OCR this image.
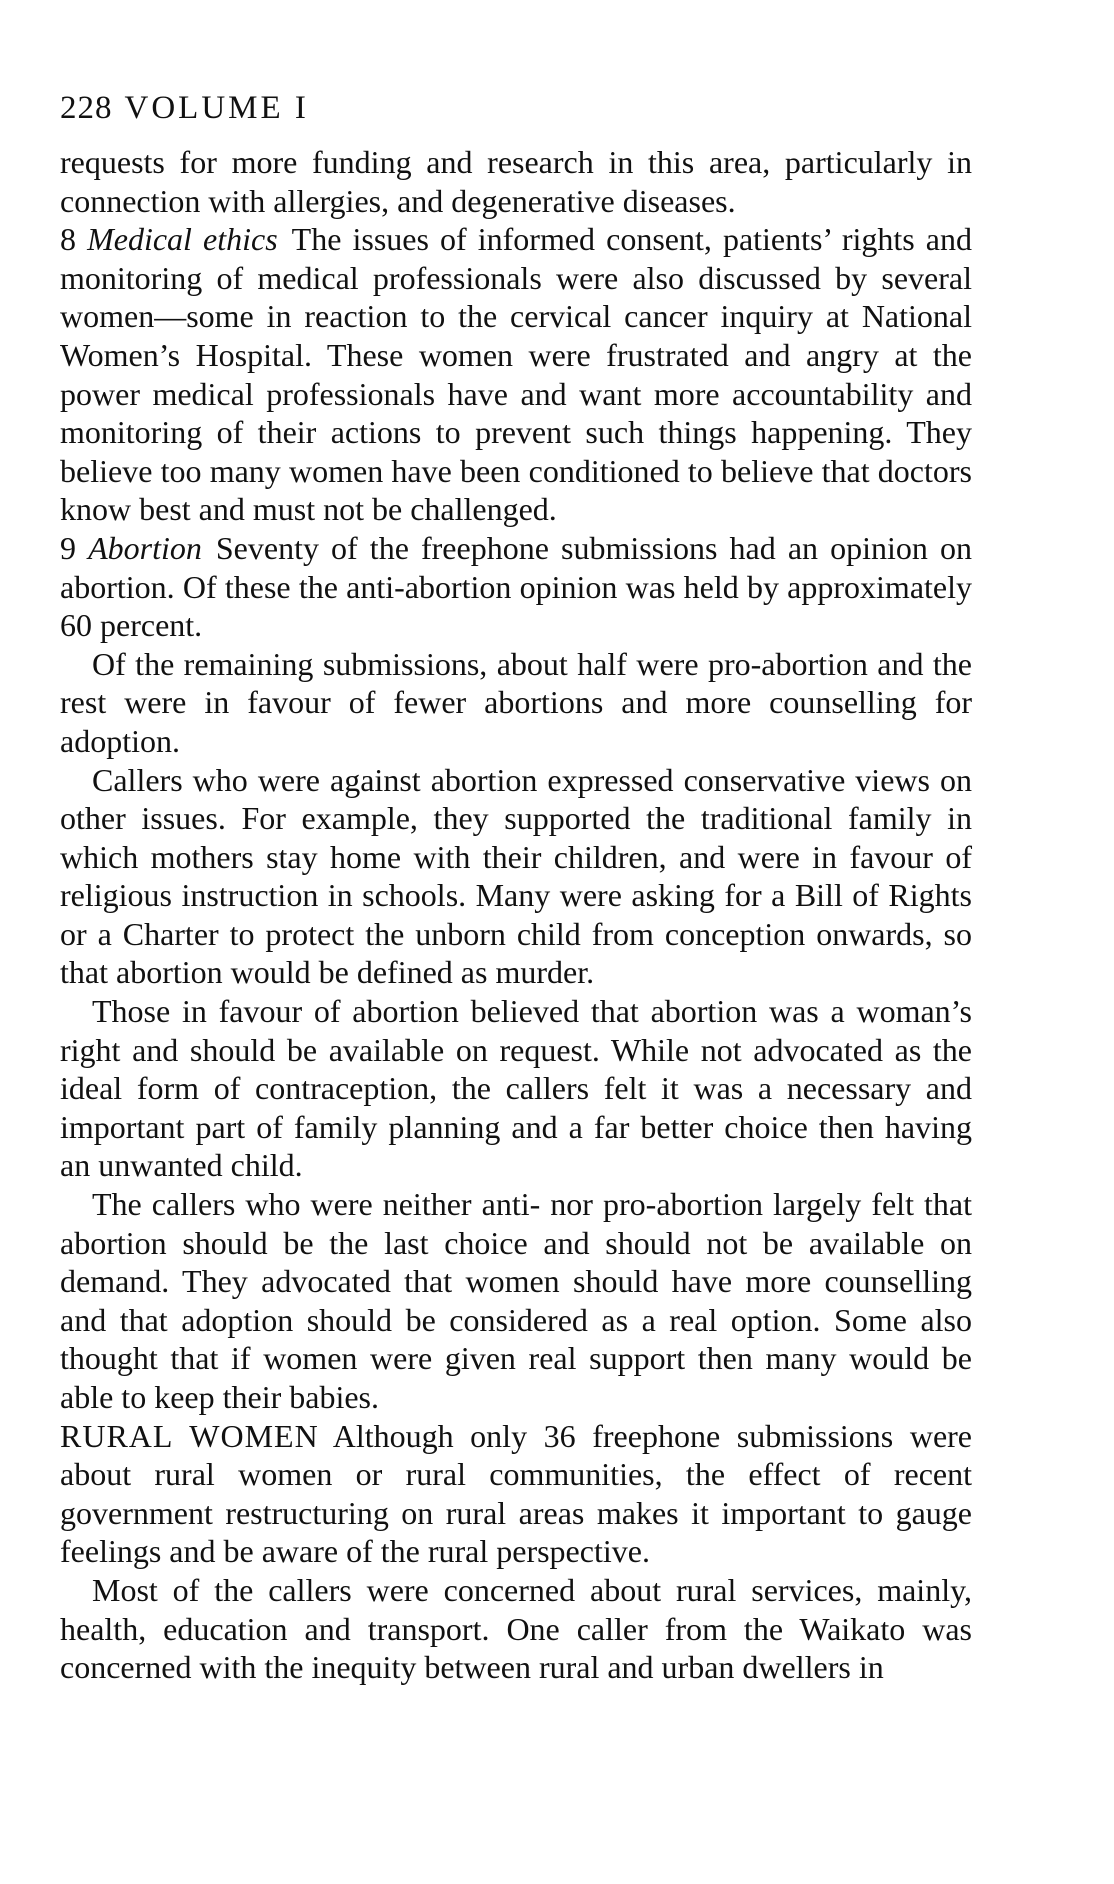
228 VOLUME I

requests for more funding and research in this area, particularly in connection with allergies, and degenerative diseases.

8 Medical ethics The issues of informed consent, patients’ rights and monitoring of medical professionals were also discussed by several women—some in reaction to the cervical cancer inquiry at National Women’s Hospital. These women were frustrated and angry at the power medical professionals have and want more accountability and monitoring of their actions to prevent such things happening. They believe too many women have been conditioned to believe that doctors know best and must not be challenged.

9 Abortion Seventy of the freephone submissions had an opinion on abortion. Of these the anti-abortion opinion was held by approximately 60 percent.

Of the remaining submissions, about half were pro-abortion and the rest were in favour of fewer abortions and more counselling for adoption.

Callers who were against abortion expressed conservative views on other issues. For example, they supported the traditional family in which mothers stay home with their children, and were in favour of religious instruction in schools. Many were asking for a Bill of Rights or a Charter to protect the unborn child from conception onwards, so that abortion would be defined as murder.

Those in favour of abortion believed that abortion was a woman’s right and should be available on request. While not advocated as the ideal form of contraception, the callers felt it was a necessary and important part of family planning and a far better choice then having an unwanted child.

The callers who were neither anti- nor pro-abortion largely felt that abortion should be the last choice and should not be available on demand. They advocated that women should have more counselling and that adoption should be considered as a real option. Some also thought that if women were given real support then many would be able to keep their babies.

RURAL WOMEN Although only 36 freephone submissions were about rural women or rural communities, the effect of recent government restructuring on rural areas makes it important to gauge feelings and be aware of the rural perspective.

Most of the callers were concerned about rural services, mainly, health, education and transport. One caller from the Waikato was concerned with the inequity between rural and urban dwellers in
